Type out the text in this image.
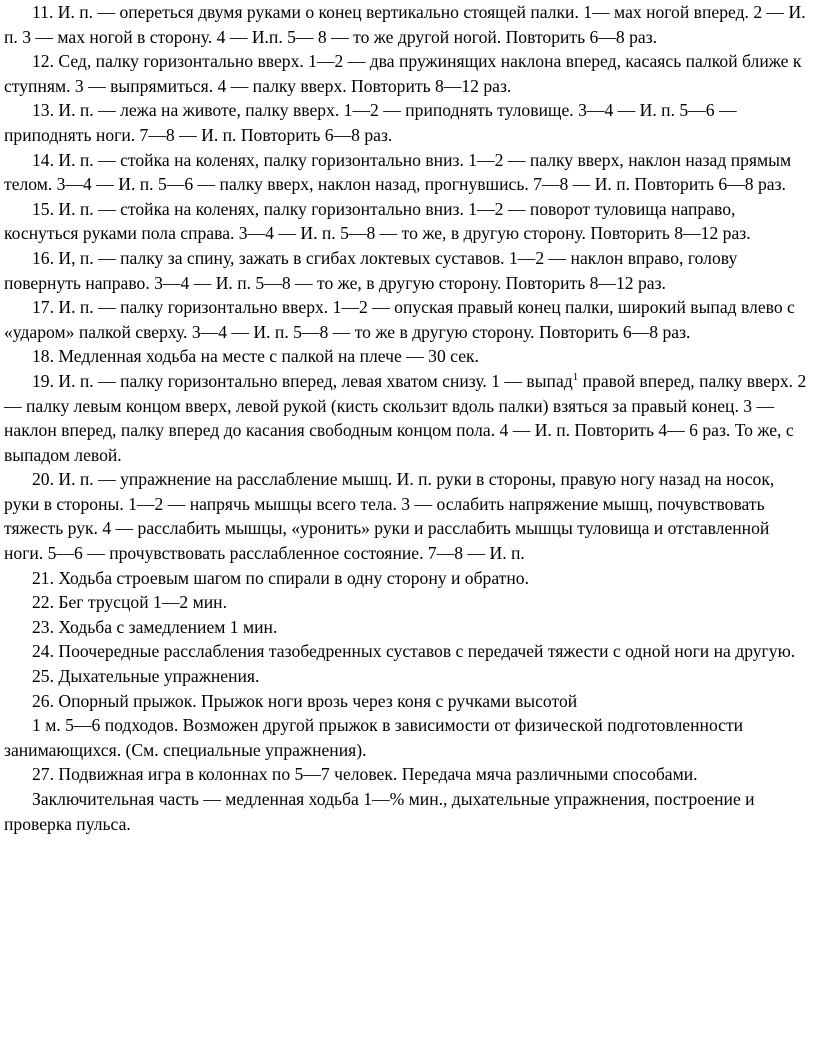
11. И. п. — опереться двумя руками о конец вертикально стоящей палки. 1— мах ногой вперед. 2 — И. п. 3 — мах ногой в сторону. 4 — И.п. 5— 8 — то же другой ногой. Повторить 6—8 раз.

12. Сед, палку горизонтально вверх. 1—2 — два пружинящих наклона вперед, касаясь палкой ближе к ступням. 3 — выпрямиться. 4 — палку вверх. Повторить 8—12 раз.

13. И. п. — лежа на животе, палку вверх. 1—2 — приподнять туловище. 3—4 — И. п. 5—6 — приподнять ноги. 7—8 — И. п. Повторить 6—8 раз.

14. И. п. — стойка на коленях, палку горизонтально вниз. 1—2 — палку вверх, наклон назад прямым телом. 3—4 — И. п. 5—6 — палку вверх, наклон назад, прогнувшись. 7—8 — И. п. Повторить 6—8 раз.

15. И. п. — стойка на коленях, палку горизонтально вниз. 1—2 — поворот туловища направо, коснуться руками пола справа. 3—4 — И. п. 5—8 — то же, в другую сторону. Повторить 8—12 раз.

16. И, п. — палку за спину, зажать в сгибах локтевых суставов. 1—2 — наклон вправо, голову повернуть направо. 3—4 — И. п. 5—8 — то же, в другую сторону. Повторить 8—12 раз.

17. И. п. — палку горизонтально вверх. 1—2 — опуская правый конец палки, широкий выпад влево с «ударом» палкой сверху. 3—4 — И. п. 5—8 — то же в другую сторону. Повторить 6—8 раз.

18. Медленная ходьба на месте с палкой на плече — 30 сек.

19. И. п. — палку горизонтально вперед, левая хватом снизу. 1 — выпад$^1$ правой вперед, палку вверх. 2 — палку левым концом вверх, левой рукой (кисть скользит вдоль палки) взяться за правый конец. 3 — наклон вперед, палку вперед до касания свободным концом пола. 4 — И. п. Повторить 4— 6 раз. То же, с выпадом левой.

20. И. п. — упражнение на расслабление мышц. И. п. руки в стороны, правую ногу назад на носок, руки в стороны. 1—2 — напрячь мышцы всего тела. 3 — ослабить напряжение мышц, почувствовать тяжесть рук. 4 — расслабить мышцы, «уронить» руки и расслабить мышцы туловища и отставленной ноги. 5—6 — прочувствовать расслабленное состояние. 7—8 — И. п.

21. Ходьба строевым шагом по спирали в одну сторону и обратно.

22. Бег трусцой 1—2 мин.

23. Ходьба с замедлением 1 мин.

24. Поочередные расслабления тазобедренных суставов с передачей тяжести с одной ноги на другую.

25. Дыхательные упражнения.

26. Опорный прыжок. Прыжок ноги врозь через коня с ручками высотой

1 м. 5—6 подходов. Возможен другой прыжок в зависимости от физической подготовленности занимающихся. (См. специальные упражнения).

27. Подвижная игра в колоннах по 5—7 человек. Передача мяча различными способами.

Заключительная часть — медленная ходьба 1—% мин., дыхательные упражнения, построение и проверка пульса.
